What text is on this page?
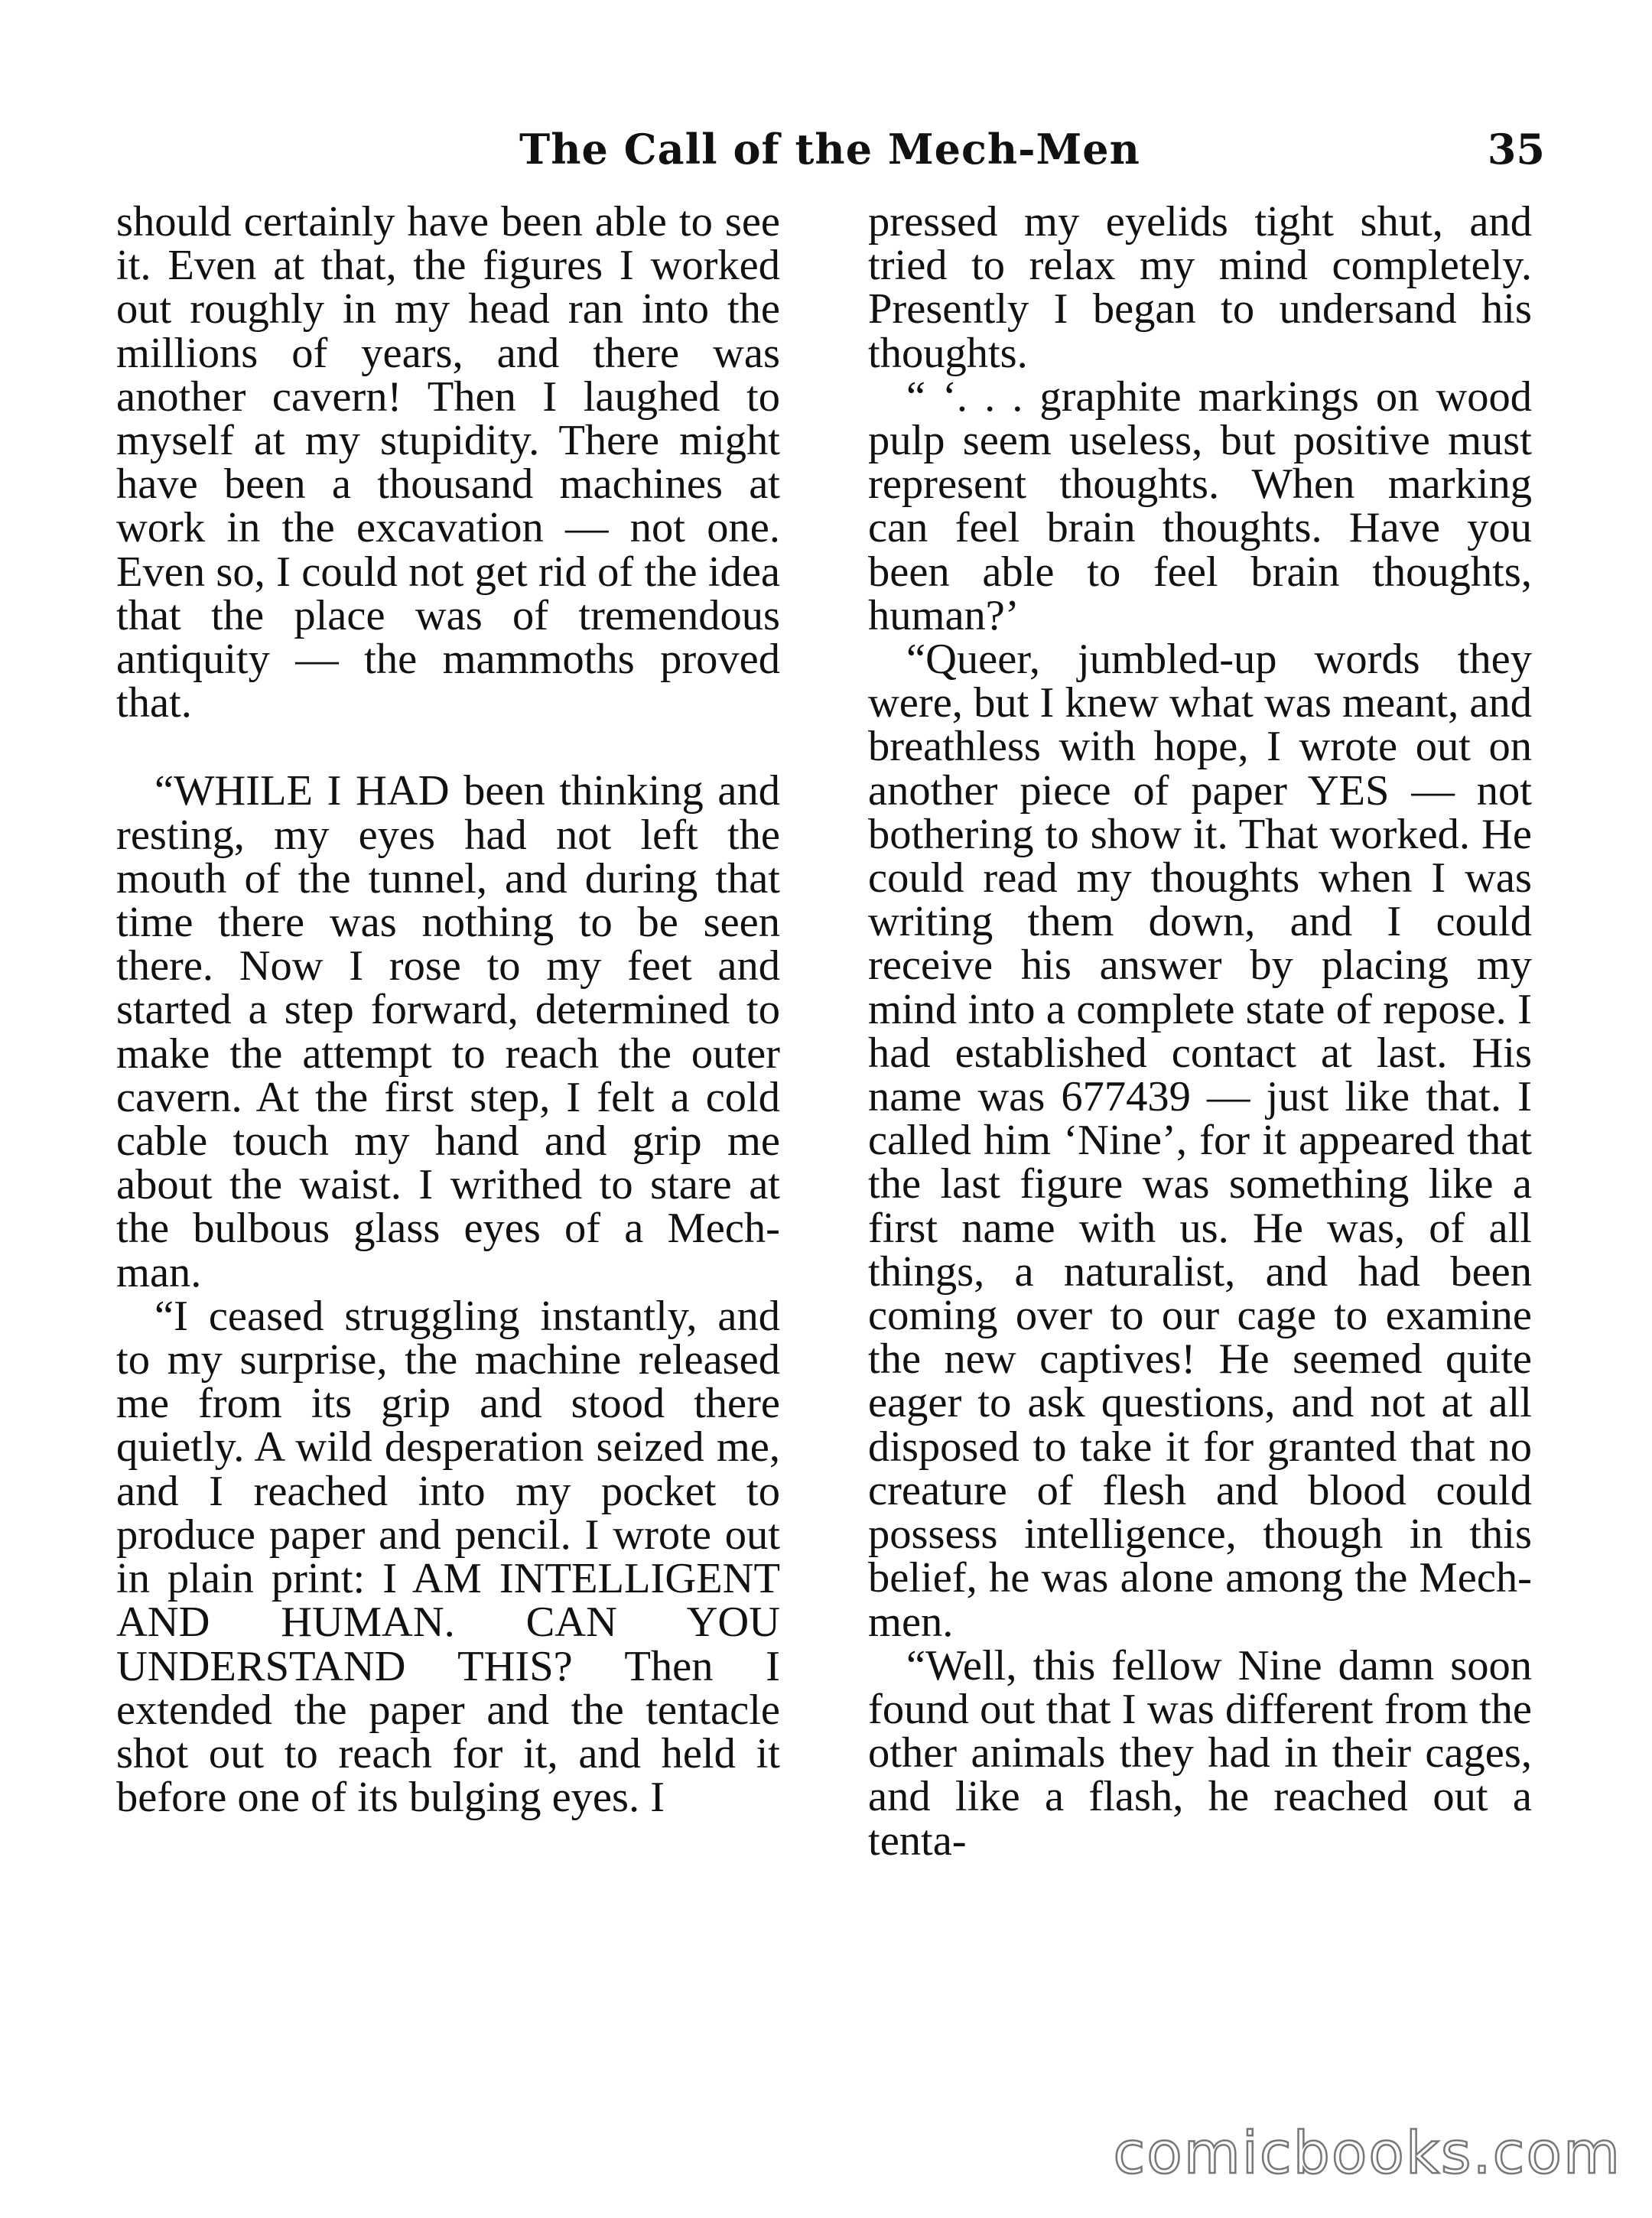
The Call of the Mech-Men	35

should certainly have been able to see it. Even at that, the figures I worked out roughly in my head ran into the millions of years, and there was another cavern! Then I laughed to myself at my stupidity. There might have been a thousand machines at work in the excavation — not one. Even so, I could not get rid of the idea that the place was of tremendous antiquity — the mammoths proved that.

“WHILE I HAD been thinking and resting, my eyes had not left the mouth of the tunnel, and during that time there was nothing to be seen there. Now I rose to my feet and started a step forward, determined to make the attempt to reach the outer cavern. At the first step, I felt a cold cable touch my hand and grip me about the waist. I writhed to stare at the bulbous glass eyes of a Mech-man.

“I ceased struggling instantly, and to my surprise, the machine released me from its grip and stood there quietly. A wild desperation seized me, and I reached into my pocket to produce paper and pencil. I wrote out in plain print: I AM INTELLIGENT AND HUMAN. CAN YOU UNDERSTAND THIS? Then I extended the paper and the tentacle shot out to reach for it, and held it before one of its bulging eyes. I

pressed my eyelids tight shut, and tried to relax my mind completely. Presently I began to undersand his thoughts.

“ ‘. . . graphite markings on wood pulp seem useless, but positive must represent thoughts. When marking can feel brain thoughts. Have you been able to feel brain thoughts, human?’

“Queer, jumbled-up words they were, but I knew what was meant, and breathless with hope, I wrote out on another piece of paper YES — not bothering to show it. That worked. He could read my thoughts when I was writing them down, and I could receive his answer by placing my mind into a complete state of repose. I had established contact at last. His name was 677439 — just like that. I called him ‘Nine’, for it appeared that the last figure was something like a first name with us. He was, of all things, a naturalist, and had been coming over to our cage to examine the new captives! He seemed quite eager to ask questions, and not at all disposed to take it for granted that no creature of flesh and blood could possess intelligence, though in this belief, he was alone among the Mech-men.

“Well, this fellow Nine damn soon found out that I was different from the other animals they had in their cages, and like a flash, he reached out a tenta-

comicbooks.com
